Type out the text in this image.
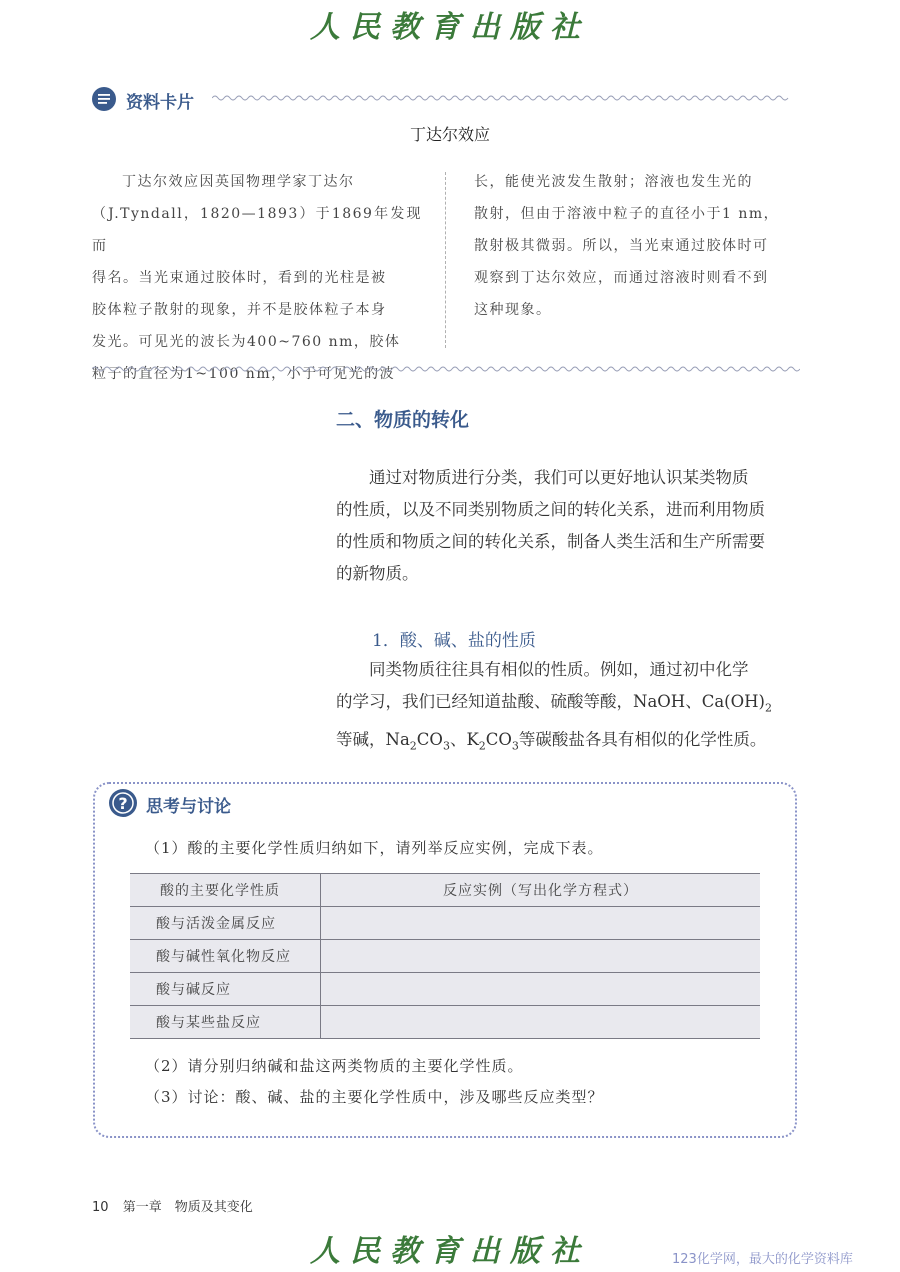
人民教育出版社
资料卡片
丁达尔效应
丁达尔效应因英国物理学家丁达尔
（J.Tyndall，1820—1893）于1869年发现而
得名。当光束通过胶体时，看到的光柱是被
胶体粒子散射的现象，并不是胶体粒子本身
发光。可见光的波长为400~760 nm，胶体
粒子的直径为1~100 nm，小于可见光的波
长，能使光波发生散射；溶液也发生光的
散射，但由于溶液中粒子的直径小于1 nm，
散射极其微弱。所以，当光束通过胶体时可
观察到丁达尔效应，而通过溶液时则看不到
这种现象。
二、物质的转化
通过对物质进行分类，我们可以更好地认识某类物质
的性质，以及不同类别物质之间的转化关系，进而利用物质
的性质和物质之间的转化关系，制备人类生活和生产所需要
的新物质。
1．酸、碱、盐的性质
同类物质往往具有相似的性质。例如，通过初中化学
的学习，我们已经知道盐酸、硫酸等酸，NaOH、$Ca(OH)_2$
等碱，$Na_2CO_3$、$K_2CO_3$等碳酸盐各具有相似的化学性质。
? 思考与讨论
（1）酸的主要化学性质归纳如下，请列举反应实例，完成下表。
酸的主要化学性质	反应实例（写出化学方程式）
酸与活泼金属反应	
酸与碱性氧化物反应	
酸与碱反应	
酸与某些盐反应	
（2）请分别归纳碱和盐这两类物质的主要化学性质。
（3）讨论：酸、碱、盐的主要化学性质中，涉及哪些反应类型？
10 第一章　物质及其变化
人民教育出版社	123化学网，最大的化学资料库
